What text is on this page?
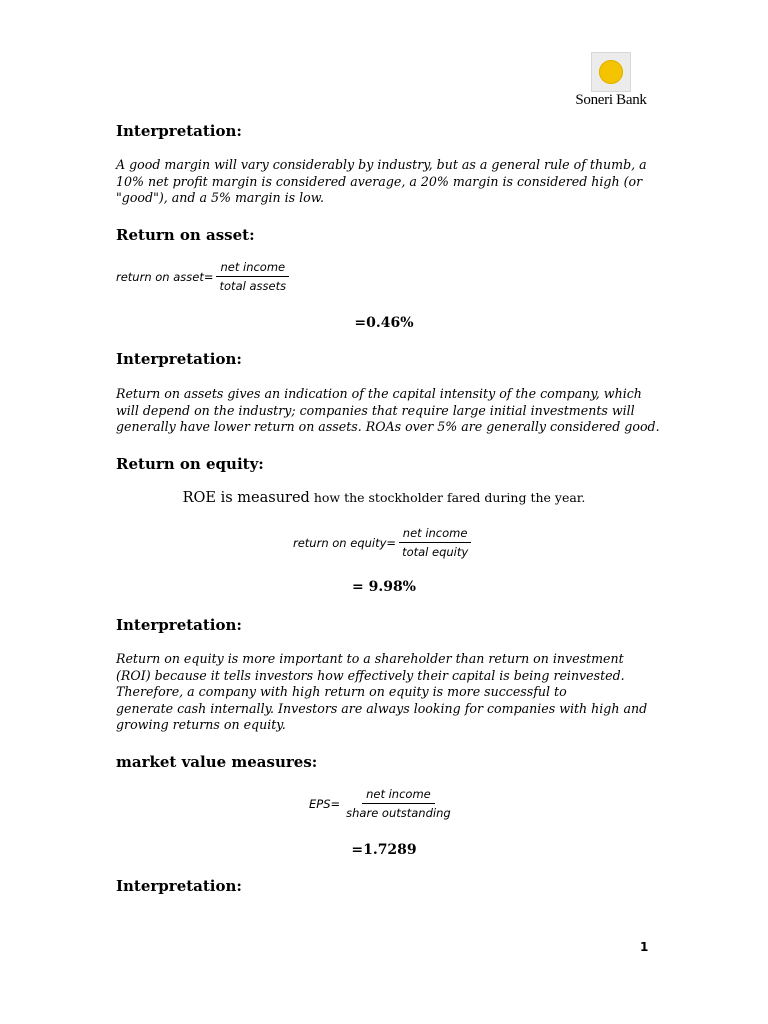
Soneri Bank
Interpretation:
A good margin will vary considerably by industry, but as a general rule of thumb, a
10% net profit margin is considered average, a 20% margin is considered high (or
"good"), and a 5% margin is low.
Return on asset:
return on asset= $\frac{\text{net income}}{\text{total assets}}$
=0.46%
Interpretation:
Return on assets gives an indication of the capital intensity of the company, which
will depend on the industry; companies that require large initial investments will
generally have lower return on assets. ROAs over 5% are generally considered good.
Return on equity:
ROE is measured how the stockholder fared during the year.
return on equity= $\frac{\text{net income}}{\text{total equity}}$
= 9.98%
Interpretation:
Return on equity is more important to a shareholder than return on investment
(ROI) because it tells investors how effectively their capital is being reinvested.
Therefore, a company with high return on equity is more successful to
generate cash internally. Investors are always looking for companies with high and
growing returns on equity.
market value measures:
$EPS= \frac{\text{net income}}{\text{share outstanding}}$
=1.7289
Interpretation:
1
